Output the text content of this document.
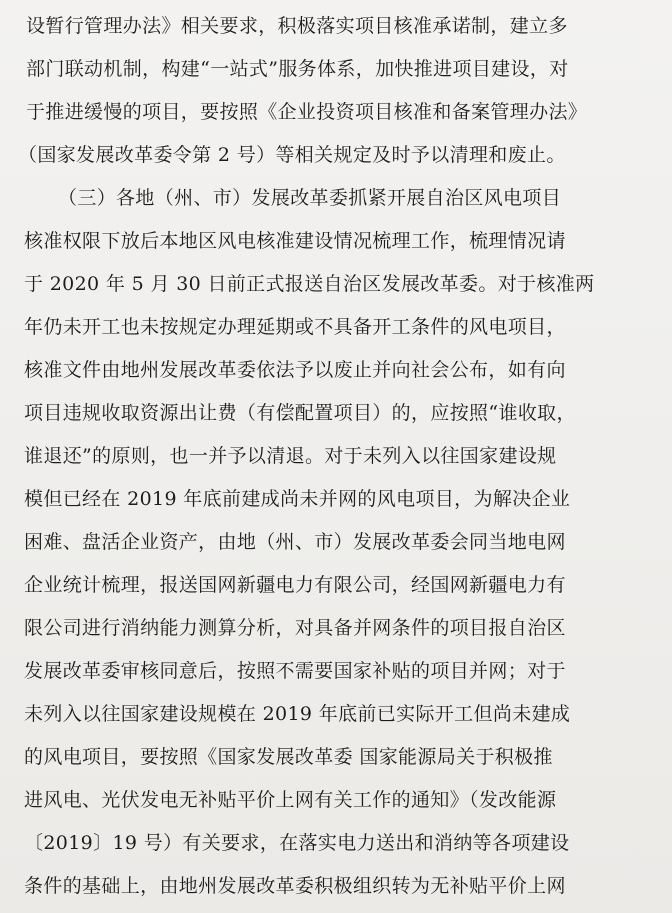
设暂行管理办法》相关要求，积极落实项目核准承诺制，建立多
部门联动机制，构建“一站式”服务体系，加快推进项目建设，对
于推进缓慢的项目，要按照《企业投资项目核准和备案管理办法》
（国家发展改革委令第 2 号）等相关规定及时予以清理和废止。
（三）各地（州、市）发展改革委抓紧开展自治区风电项目
核准权限下放后本地区风电核准建设情况梳理工作，梳理情况请
于 2020 年 5 月 30 日前正式报送自治区发展改革委。对于核准两
年仍未开工也未按规定办理延期或不具备开工条件的风电项目，
核准文件由地州发展改革委依法予以废止并向社会公布，如有向
项目违规收取资源出让费（有偿配置项目）的，应按照“谁收取，
谁退还”的原则，也一并予以清退。对于未列入以往国家建设规
模但已经在 2019 年底前建成尚未并网的风电项目，为解决企业
困难、盘活企业资产，由地（州、市）发展改革委会同当地电网
企业统计梳理，报送国网新疆电力有限公司，经国网新疆电力有
限公司进行消纳能力测算分析，对具备并网条件的项目报自治区
发展改革委审核同意后，按照不需要国家补贴的项目并网；对于
未列入以往国家建设规模在 2019 年底前已实际开工但尚未建成
的风电项目，要按照《国家发展改革委 国家能源局关于积极推
进风电、光伏发电无补贴平价上网有关工作的通知》（发改能源
〔2019〕19 号）有关要求，在落实电力送出和消纳等各项建设
条件的基础上，由地州发展改革委积极组织转为无补贴平价上网
